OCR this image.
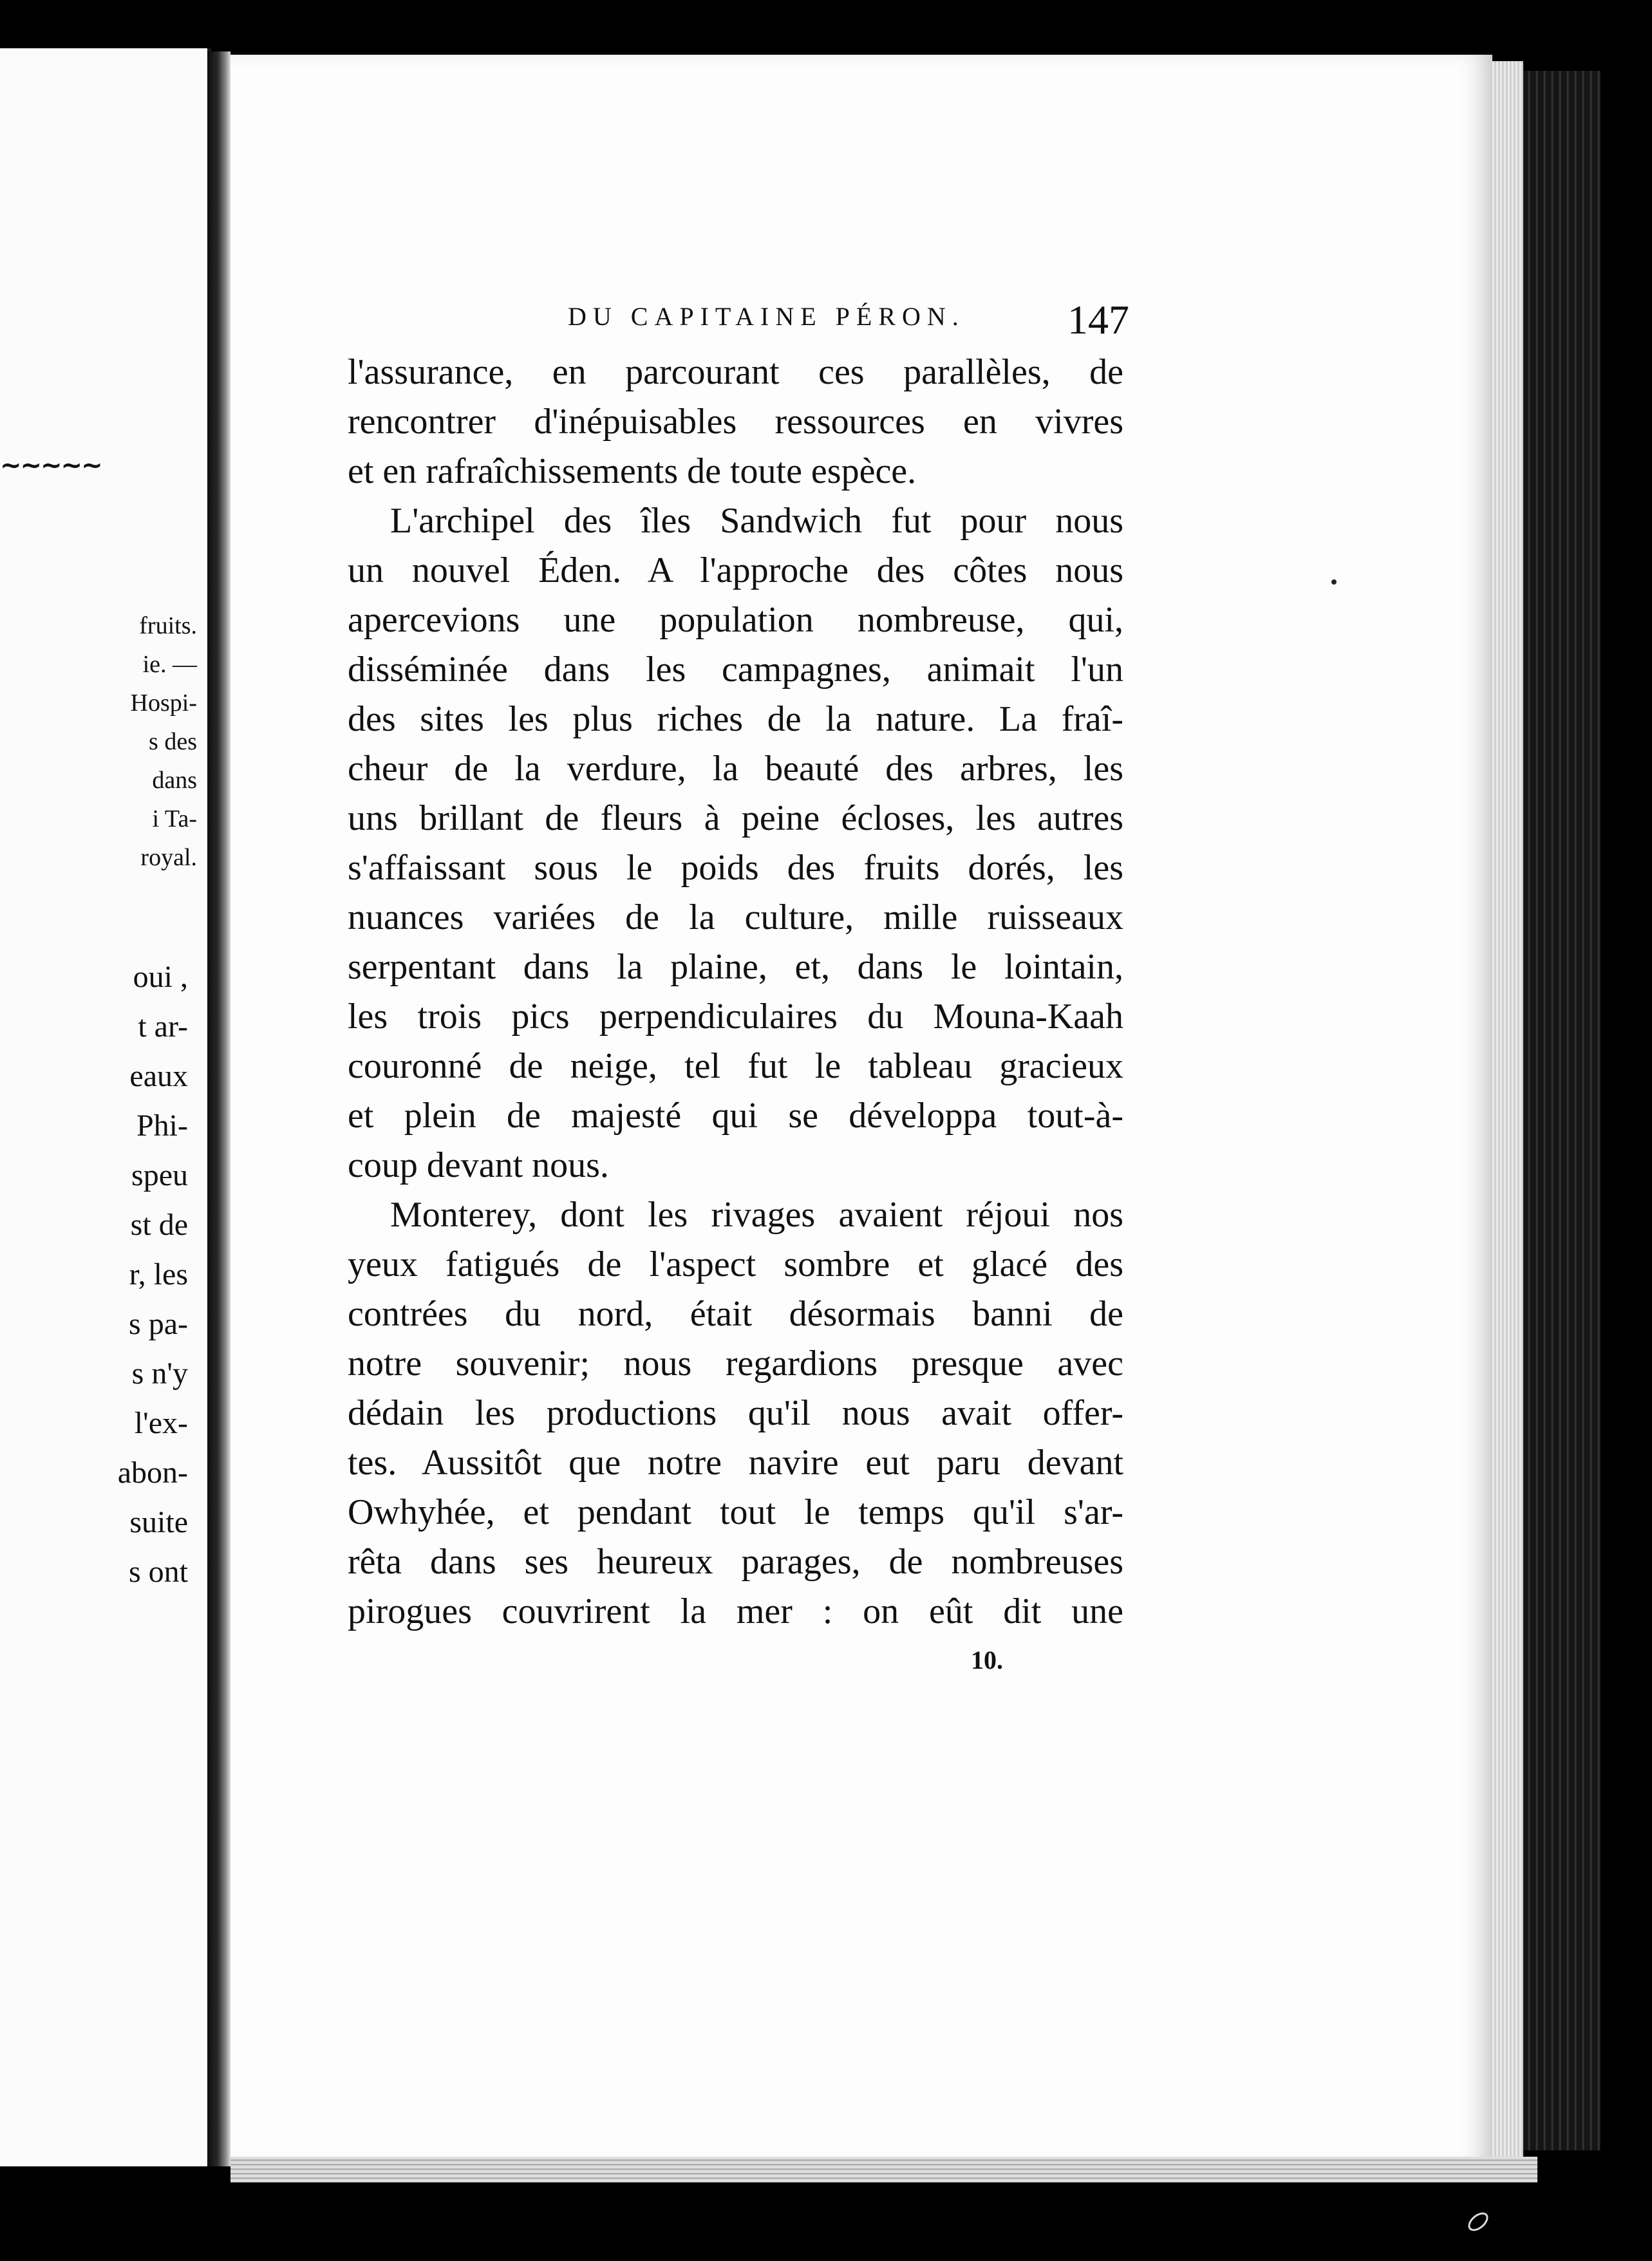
~~~~~
fruits.
ie. —
Hospi-
s des
dans
i Ta-
royal.
oui ,
t ar-
eaux
Phi-
speu
st de
r, les
s pa-
s n'y
l'ex-
abon-
suite
s ont
DU CAPITAINE PÉRON. 147
l'assurance, en parcourant ces parallèles, de
rencontrer d'inépuisables ressources en vivres
et en rafraîchissements de toute espèce.
L'archipel des îles Sandwich fut pour nous
un nouvel Éden. A l'approche des côtes nous
apercevions une population nombreuse, qui,
disséminée dans les campagnes, animait l'un
des sites les plus riches de la nature. La fraî-
cheur de la verdure, la beauté des arbres, les
uns brillant de fleurs à peine écloses, les autres
s'affaissant sous le poids des fruits dorés, les
nuances variées de la culture, mille ruisseaux
serpentant dans la plaine, et, dans le lointain,
les trois pics perpendiculaires du Mouna-Kaah
couronné de neige, tel fut le tableau gracieux
et plein de majesté qui se développa tout-à-
coup devant nous.
Monterey, dont les rivages avaient réjoui nos
yeux fatigués de l'aspect sombre et glacé des
contrées du nord, était désormais banni de
notre souvenir; nous regardions presque avec
dédain les productions qu'il nous avait offer-
tes. Aussitôt que notre navire eut paru devant
Owhyhée, et pendant tout le temps qu'il s'ar-
rêta dans ses heureux parages, de nombreuses
pirogues couvrirent la mer : on eût dit une
10.
